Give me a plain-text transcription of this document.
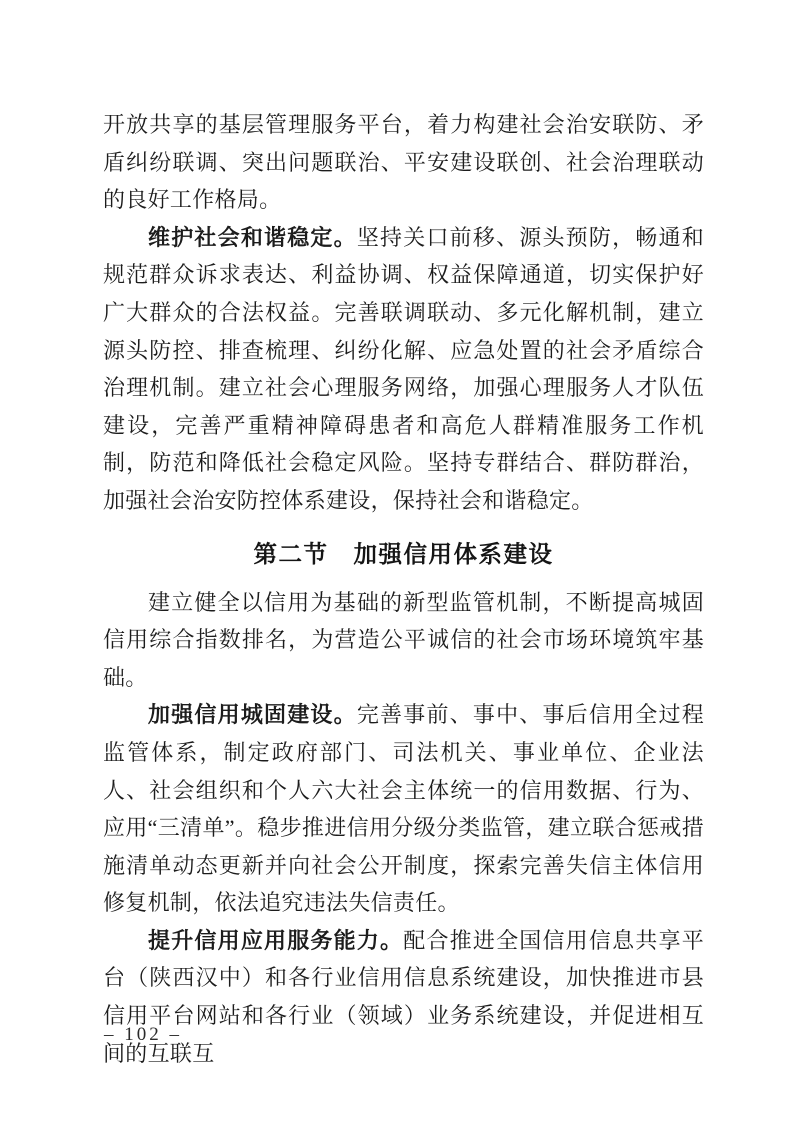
开放共享的基层管理服务平台，着力构建社会治安联防、矛盾纠纷联调、突出问题联治、平安建设联创、社会治理联动的良好工作格局。

维护社会和谐稳定。坚持关口前移、源头预防，畅通和规范群众诉求表达、利益协调、权益保障通道，切实保护好广大群众的合法权益。完善联调联动、多元化解机制，建立源头防控、排查梳理、纠纷化解、应急处置的社会矛盾综合治理机制。建立社会心理服务网络，加强心理服务人才队伍建设，完善严重精神障碍患者和高危人群精准服务工作机制，防范和降低社会稳定风险。坚持专群结合、群防群治，加强社会治安防控体系建设，保持社会和谐稳定。

第二节　加强信用体系建设

建立健全以信用为基础的新型监管机制，不断提高城固信用综合指数排名，为营造公平诚信的社会市场环境筑牢基础。

加强信用城固建设。完善事前、事中、事后信用全过程监管体系，制定政府部门、司法机关、事业单位、企业法人、社会组织和个人六大社会主体统一的信用数据、行为、应用“三清单”。稳步推进信用分级分类监管，建立联合惩戒措施清单动态更新并向社会公开制度，探索完善失信主体信用修复机制，依法追究违法失信责任。

提升信用应用服务能力。配合推进全国信用信息共享平台（陕西汉中）和各行业信用信息系统建设，加快推进市县信用平台网站和各行业（领域）业务系统建设，并促进相互间的互联互

– 102 –
